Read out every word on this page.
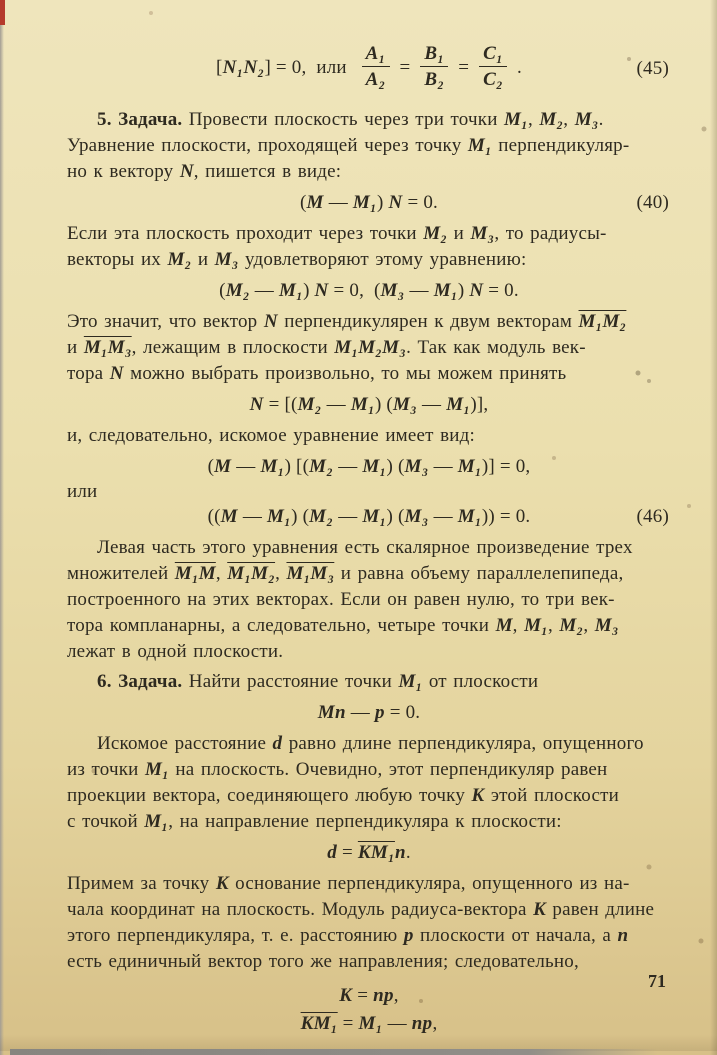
[N₁N₂] = 0,  или $\frac{\text{A₁}}{\text{A₂}} = \frac{\text{B₁}}{\text{B₂}} = \frac{\text{C₁}}{\text{C₂}}$ .	(45)

5. Задача. Провести плоскость через три точки M₁, M₂, M₃.
Уравнение плоскости, проходящей через точку M₁ перпендикуляр-
но к вектору N, пишется в виде:

(M — M₁) N = 0.	(40)

Если эта плоскость проходит через точки M₂ и M₃, то радиусы-
векторы их M₂ и M₃ удовлетворяют этому уравнению:

(M₂ — M₁) N = 0,  (M₃ — M₁) N = 0.

Это значит, что вектор N перпендикулярен к двум векторам M₁M₂
и M₁M₃, лежащим в плоскости M₁M₂M₃. Так как модуль век-
тора N можно выбрать произвольно, то мы можем принять

N = [(M₂ — M₁) (M₃ — M₁)],

и, следовательно, искомое уравнение имеет вид:

(M — M₁) [(M₂ — M₁) (M₃ — M₁)] = 0,
или
((M — M₁) (M₂ — M₁) (M₃ — M₁)) = 0.	(46)

Левая часть этого уравнения есть скалярное произведение трех
множителей M₁M, M₁M₂, M₁M₃ и равна объему параллелепипеда,
построенного на этих векторах. Если он равен нулю, то три век-
тора компланарны, а следовательно, четыре точки M, M₁, M₂, M₃
лежат в одной плоскости.

6. Задача. Найти расстояние точки M₁ от плоскости

Mn — p = 0.

Искомое расстояние d равно длине перпендикуляра, опущенного
из точки M₁ на плоскость. Очевидно, этот перпендикуляр равен
проекции вектора, соединяющего любую точку K этой плоскости
с точкой M₁, на направление перпендикуляра к плоскости:

d = KM₁n.

Примем за точку K основание перпендикуляра, опущенного из на-
чала координат на плоскость. Модуль радиуса-вектора K равен длине
этого перпендикуляра, т. е. расстоянию p плоскости от начала, а n
есть единичный вектор того же направления; следовательно,

K = np,
KM₁ = M₁ — np,
71
